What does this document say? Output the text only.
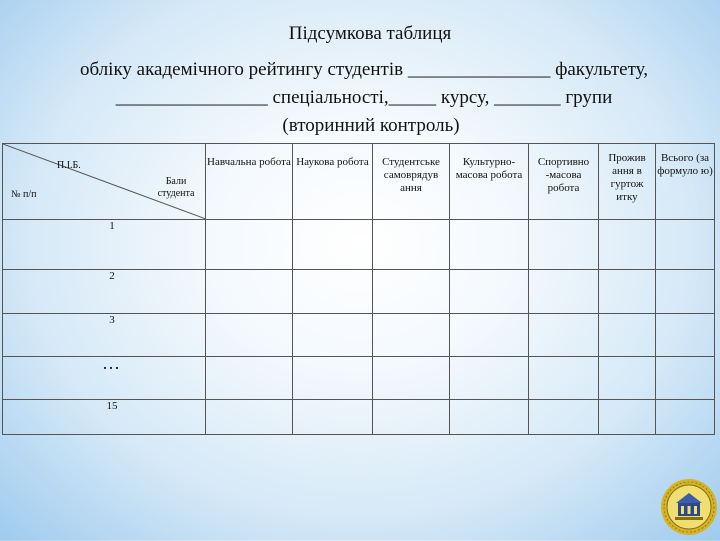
Підсумкова таблиця
обліку академічного рейтингу студентів _______________ факультету,
________________ спеціальності,_____ курсу, _______ групи
(вторинний контроль)
№ п/п
П.І.Б.
Бали студента	Навчальна робота	Наукова робота	Студентське самоврядув ання	Культурно-масова робота	Спортивно -масова робота	Прожив ання в гуртож итку	Всього (за формуло ю)

1							
2							
3							
…							
15							
